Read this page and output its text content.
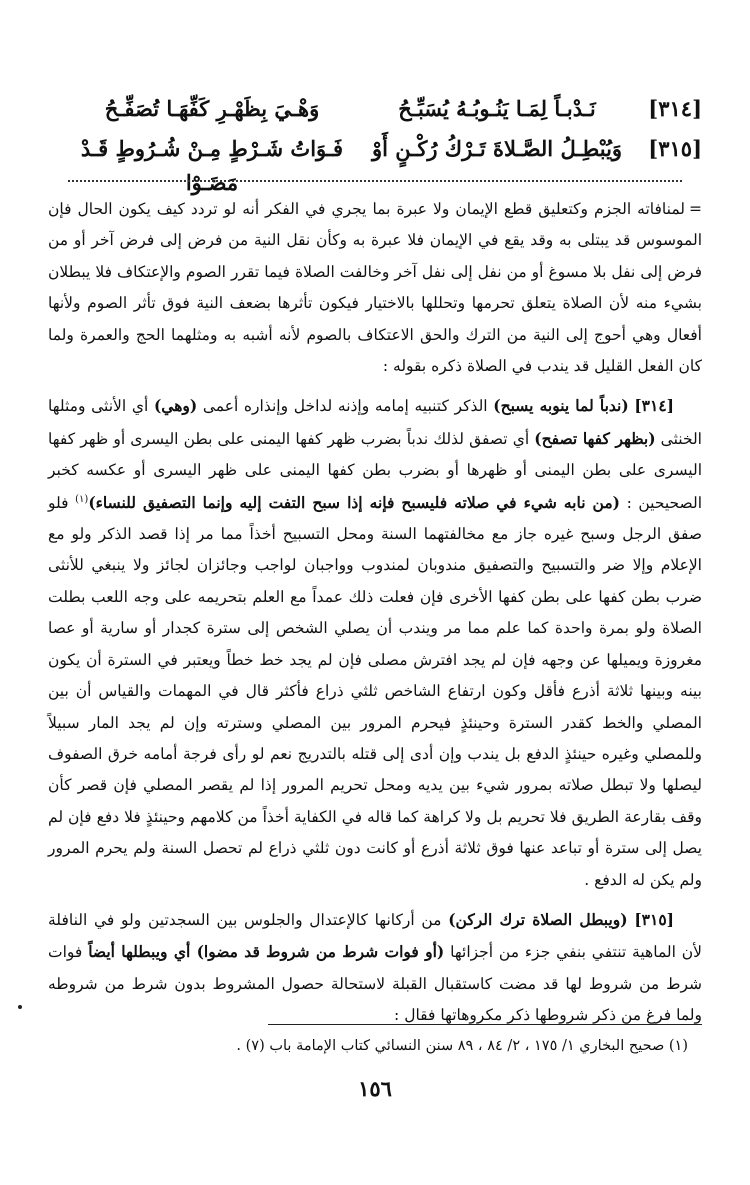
[٣١٤]
نَـدْبـاً لِمَـا يَنُـوبُـهُ يُسَبِّـحُ
وَهْـيَ بِظَهْـرِ كَفِّهَـا تُصَفِّـحُ
[٣١٥]
وَيُبْطِـلُ الصَّـلاةَ تَـرْكُ رُكْـنٍ أَوْ
فَـوَاتُ شَـرْطٍ مِـنْ شُـرُوطٍ قَـدْ مَضَـوْا

=لمنافاته الجزم وكتعليق قطع الإيمان ولا عبرة بما يجري في الفكر أنه لو تردد كيف يكون الحال فإن الموسوس قد يبتلى به وقد يقع في الإيمان فلا عبرة به وكأن نقل النية من فرض إلى فرض آخر أو من فرض إلى نفل بلا مسوغ أو من نفل إلى نفل آخر وخالفت الصلاة فيما تقرر الصوم والإعتكاف فلا يبطلان بشيء منه لأن الصلاة يتعلق تحرمها وتحللها بالاختيار فيكون تأثرها بضعف النية فوق تأثر الصوم ولأنها أفعال وهي أحوج إلى النية من الترك والحق الاعتكاف بالصوم لأنه أشبه به ومثلهما الحج والعمرة ولما كان الفعل القليل قد يندب في الصلاة ذكره بقوله :

[٣١٤] (ندباً لما ينوبه يسبح) الذكر كتنبيه إمامه وإذنه لداخل وإنذاره أعمى (وهي) أي الأنثى ومثلها الخنثى (بظهر كفها تصفح) أي تصفق لذلك ندباً بضرب ظهر كفها اليمنى على بطن اليسرى أو ظهر كفها اليسرى على بطن اليمنى أو ظهرها أو بضرب بطن كفها اليمنى على ظهر اليسرى أو عكسه كخبر الصحيحين : (من نابه شيء في صلاته فليسبح فإنه إذا سبح التفت إليه وإنما التصفيق للنساء)$^{(١)}$ فلو صفق الرجل وسبح غيره جاز مع مخالفتهما السنة ومحل التسبيح أخذاً مما مر إذا قصد الذكر ولو مع الإعلام وإلا ضر والتسبيح والتصفيق مندوبان لمندوب وواجبان لواجب وجائزان لجائز ولا ينبغي للأنثى ضرب بطن كفها على بطن كفها الأخرى فإن فعلت ذلك عمداً مع العلم بتحريمه على وجه اللعب بطلت الصلاة ولو بمرة واحدة كما علم مما مر ويندب أن يصلي الشخص إلى سترة كجدار أو سارية أو عصا مغروزة ويميلها عن وجهه فإن لم يجد افترش مصلى فإن لم يجد خط خطاً ويعتبر في السترة أن يكون بينه وبينها ثلاثة أذرع فأقل وكون ارتفاع الشاخص ثلثي ذراع فأكثر قال في المهمات والقياس أن بين المصلي والخط كقدر السترة وحينئذٍ فيحرم المرور بين المصلي وسترته وإن لم يجد المار سبيلاً وللمصلي وغيره حينئذٍ الدفع بل يندب وإن أدى إلى قتله بالتدريج نعم لو رأى فرجة أمامه خرق الصفوف ليصلها ولا تبطل صلاته بمرور شيء بين يديه ومحل تحريم المرور إذا لم يقصر المصلي فإن قصر كأن وقف بقارعة الطريق فلا تحريم بل ولا كراهة كما قاله في الكفاية أخذاً من كلامهم وحينئذٍ فلا دفع فإن لم يصل إلى سترة أو تباعد عنها فوق ثلاثة أذرع أو كانت دون ثلثي ذراع لم تحصل السنة ولم يحرم المرور ولم يكن له الدفع .

[٣١٥] (ويبطل الصلاة ترك الركن) من أركانها كالإعتدال والجلوس بين السجدتين ولو في النافلة لأن الماهية تنتفي بنفي جزء من أجزائها (أو فوات شرط من شروط قد مضوا) أي ويبطلها أيضاً فوات شرط من شروط لها قد مضت كاستقبال القبلة لاستحالة حصول المشروط بدون شرط من شروطه ولما فرغ من ذكر شروطها ذكر مكروهاتها فقال :

(١) صحيح البخاري ١/ ١٧٥ ، ٢/ ٨٤ ، ٨٩ سنن النسائي كتاب الإمامة باب (٧) .
١٥٦
